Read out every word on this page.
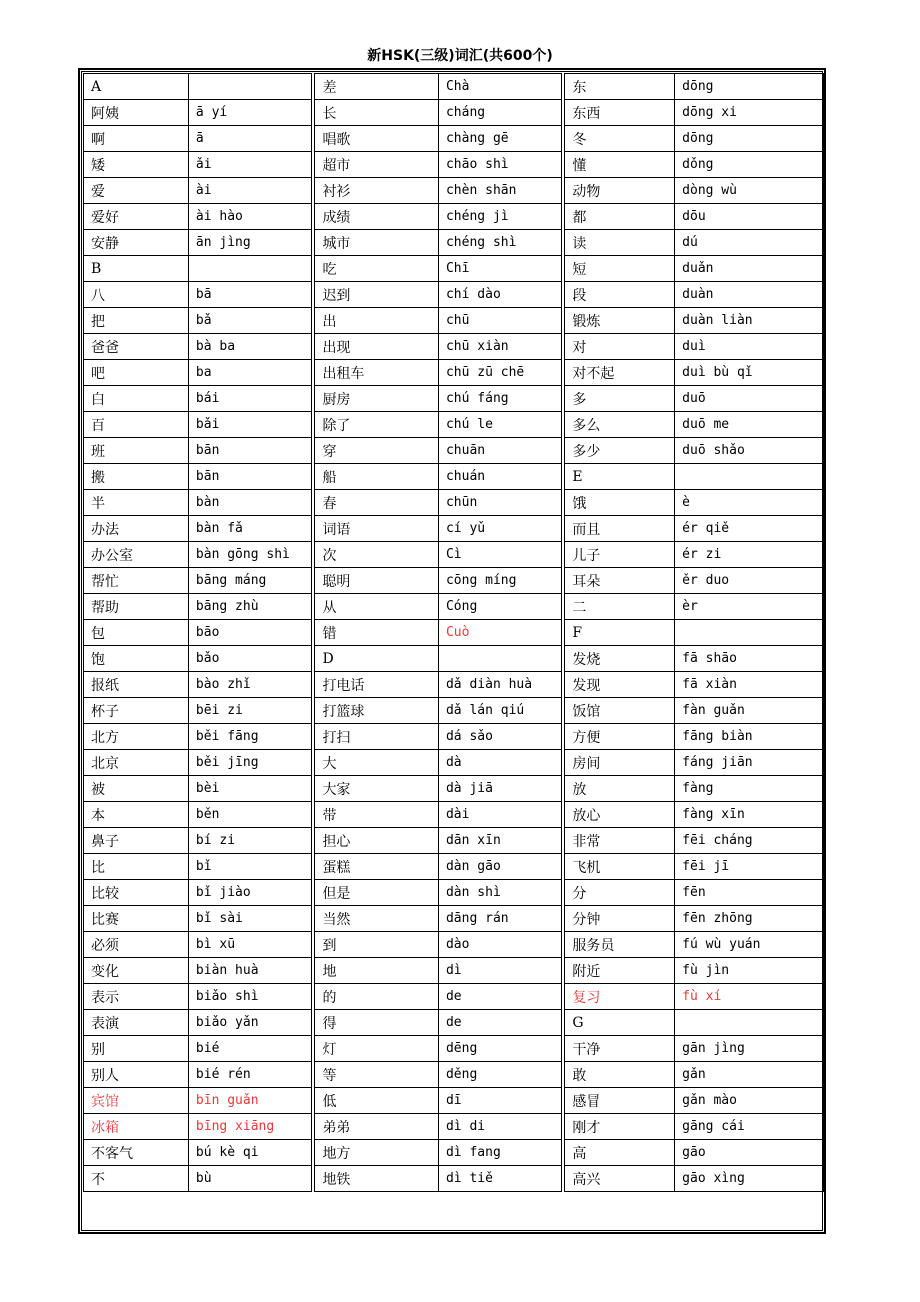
新HSK(三级)词汇(共600个)
A			差	Chà		东	dōng
阿姨	ā yí		长	cháng		东西	dōng xi
啊	ā		唱歌	chàng gē		冬	dōng
矮	ǎi		超市	chāo shì		懂	dǒng
爱	ài		衬衫	chèn shān		动物	dòng wù
爱好	ài hào		成绩	chéng jì		都	dōu
安静	ān jìng		城市	chéng shì		读	dú
B			吃	Chī		短	duǎn
八	bā		迟到	chí dào		段	duàn
把	bǎ		出	chū		锻炼	duàn liàn
爸爸	bà ba		出现	chū xiàn		对	duì
吧	ba		出租车	chū zū chē		对不起	duì bù qǐ
白	bái		厨房	chú fáng		多	duō
百	bǎi		除了	chú le		多么	duō me
班	bān		穿	chuān		多少	duō shǎo
搬	bān		船	chuán		E	
半	bàn		春	chūn		饿	è
办法	bàn fǎ		词语	cí yǔ		而且	ér qiě
办公室	bàn gōng shì		次	Cì		儿子	ér zi
帮忙	bāng máng		聪明	cōng míng		耳朵	ěr duo
帮助	bāng zhù		从	Cóng		二	èr
包	bāo		错	Cuò		F	
饱	bǎo		D			发烧	fā shāo
报纸	bào zhǐ		打电话	dǎ diàn huà		发现	fā xiàn
杯子	bēi zi		打篮球	dǎ lán qiú		饭馆	fàn guǎn
北方	běi fāng		打扫	dá sǎo		方便	fāng biàn
北京	běi jīng		大	dà		房间	fáng jiān
被	bèi		大家	dà jiā		放	fàng
本	běn		带	dài		放心	fàng xīn
鼻子	bí zi		担心	dān xīn		非常	fēi cháng
比	bǐ		蛋糕	dàn gāo		飞机	fēi jī
比较	bǐ jiào		但是	dàn shì		分	fēn
比赛	bǐ sài		当然	dāng rán		分钟	fēn zhōng
必须	bì xū		到	dào		服务员	fú wù yuán
变化	biàn huà		地	dì		附近	fù jìn
表示	biǎo shì		的	de		复习	fù xí
表演	biǎo yǎn		得	de		G	
别	bié		灯	dēng		干净	gān jìng
别人	bié rén		等	děng		敢	gǎn
宾馆	bīn guǎn		低	dī		感冒	gǎn mào
冰箱	bīng xiāng		弟弟	dì di		刚才	gāng cái
不客气	bú kè qi		地方	dì fang		高	gāo
不	bù		地铁	dì tiě		高兴	gāo xìng
